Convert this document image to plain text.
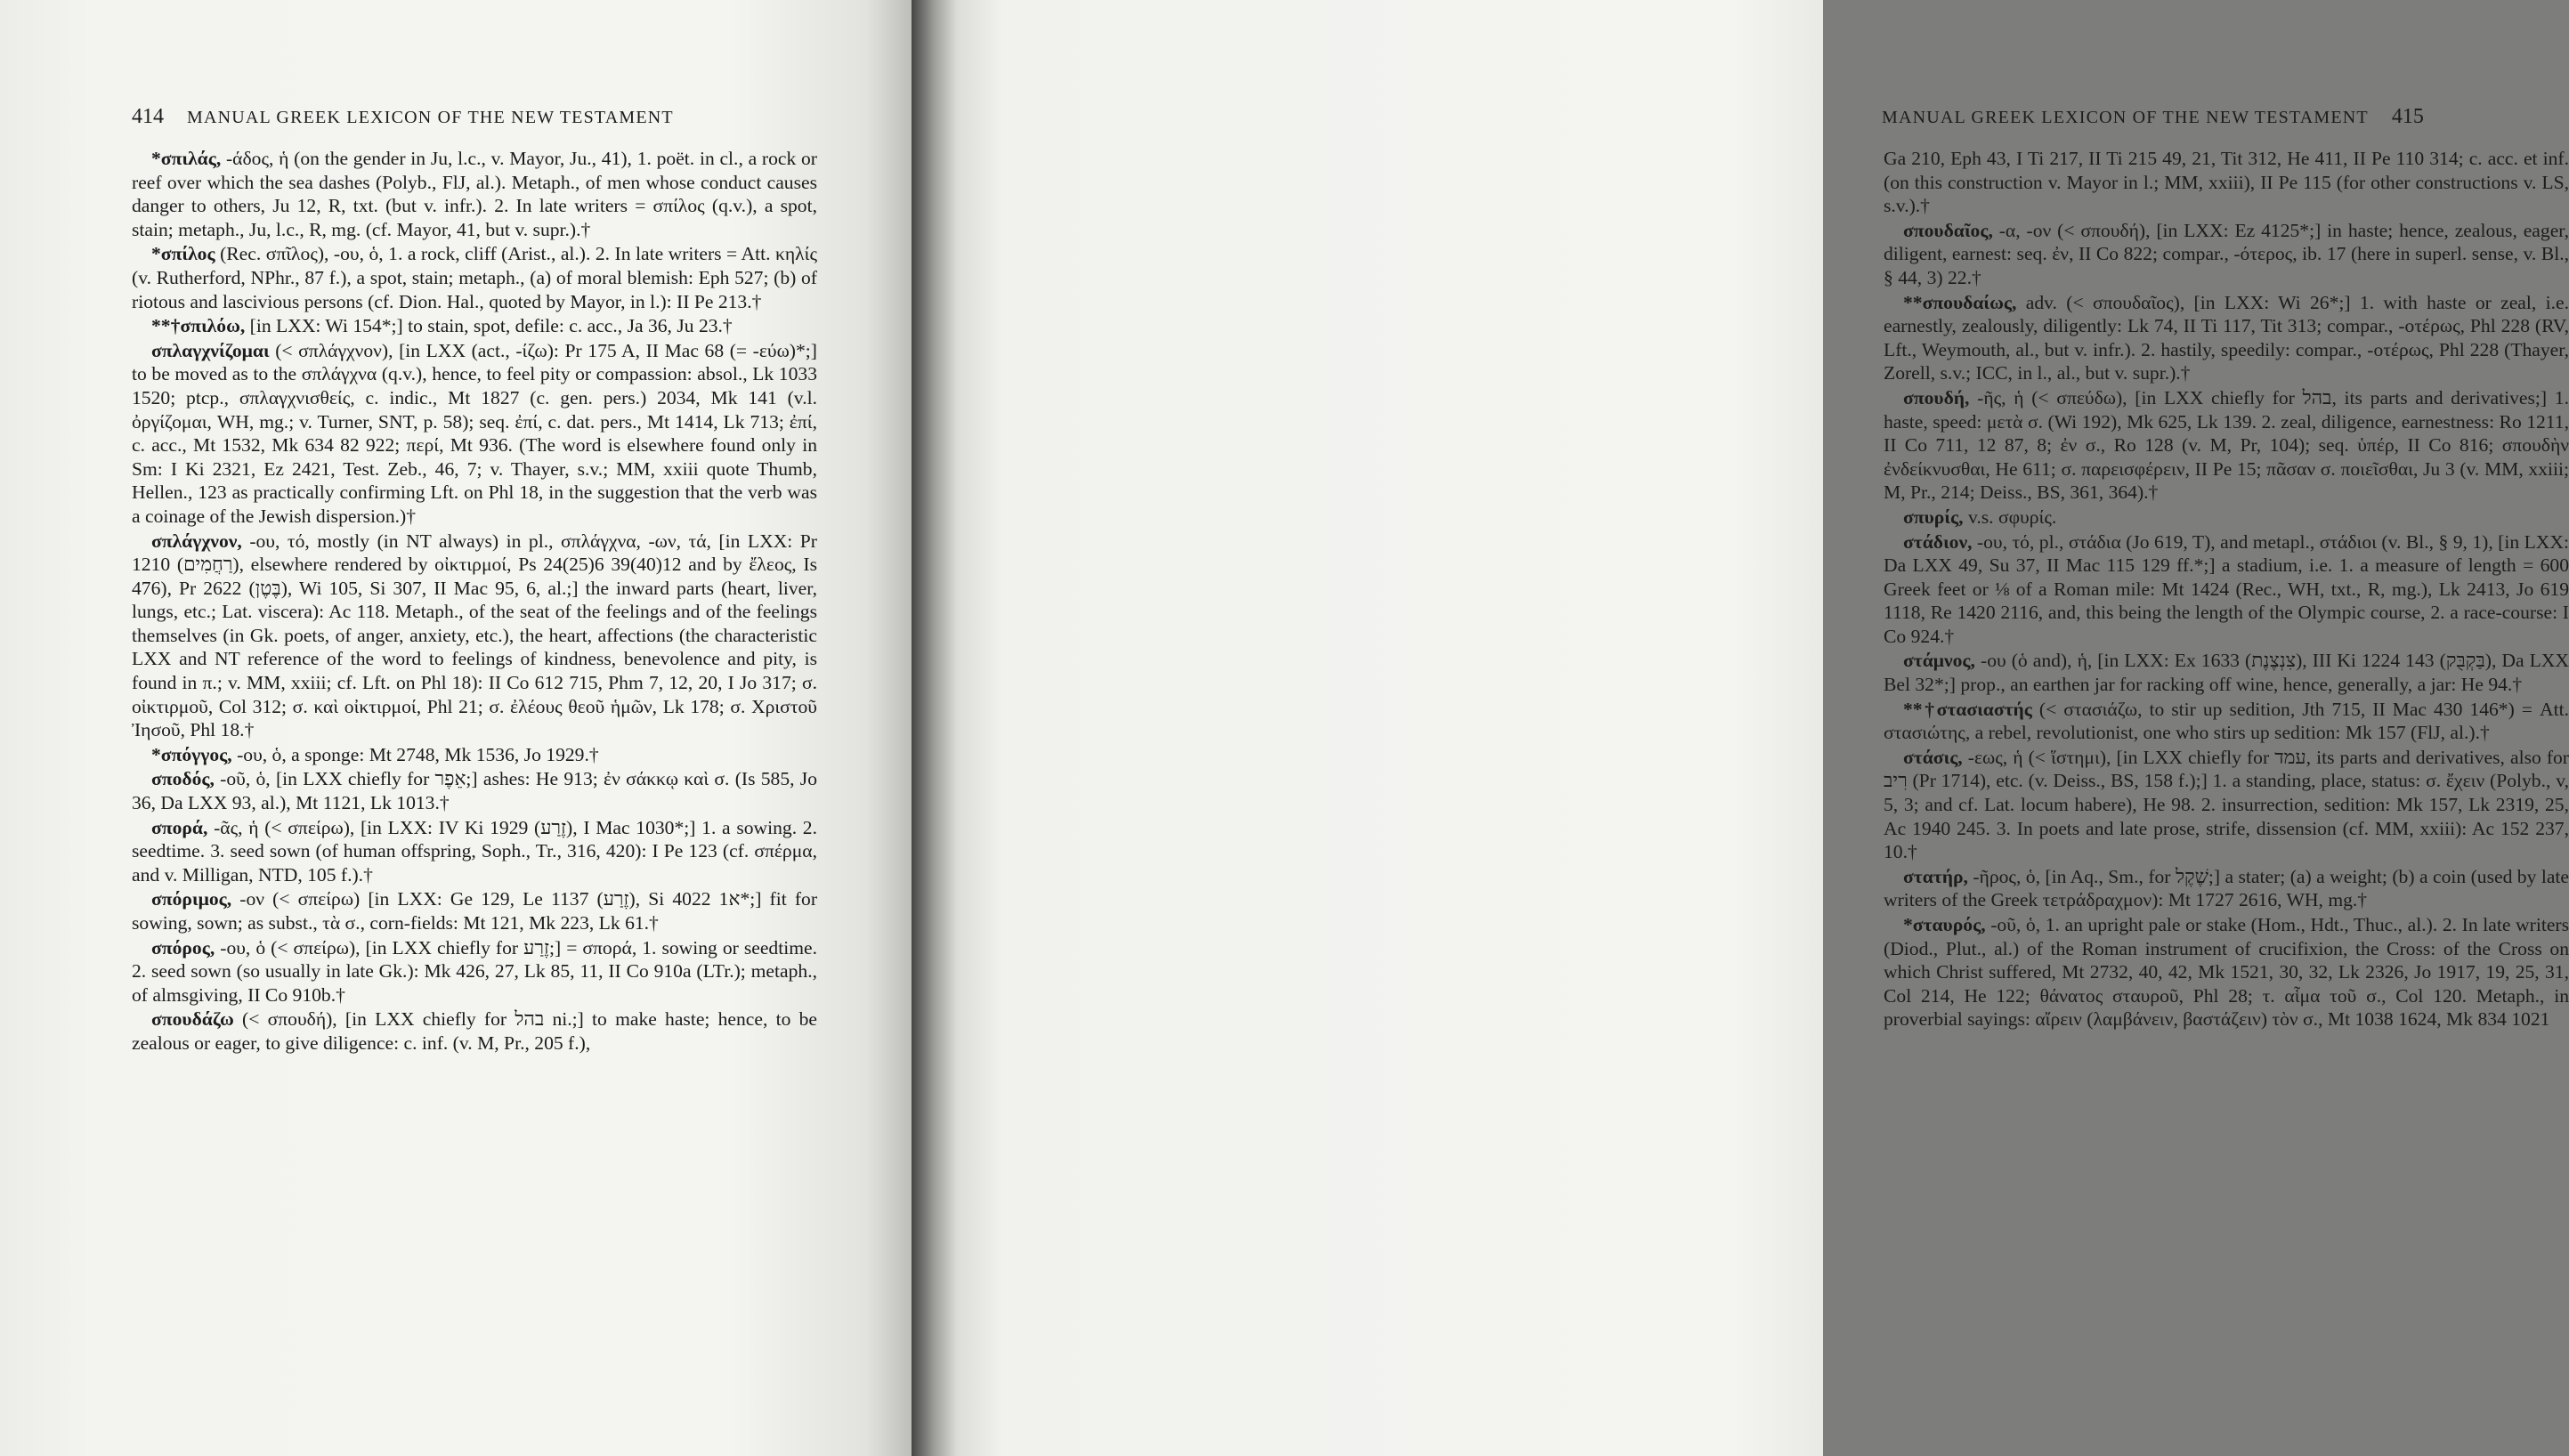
414 MANUAL GREEK LEXICON OF THE NEW TESTAMENT

*σπιλάς, -άδος, ἡ (on the gender in Ju, l.c., v. Mayor, Ju., 41), 1. poët. in cl., a rock or reef over which the sea dashes (Polyb., FlJ, al.). Metaph., of men whose conduct causes danger to others, Ju 12, R, txt. (but v. infr.). 2. In late writers = σπίλος (q.v.), a spot, stain; metaph., Ju, l.c., R, mg. (cf. Mayor, 41, but v. supr.).†

*σπίλος (Rec. σπῖλος), -ου, ὁ, 1. a rock, cliff (Arist., al.). 2. In late writers = Att. κηλίς (v. Rutherford, NPhr., 87 f.), a spot, stain; metaph., (a) of moral blemish: Eph 527; (b) of riotous and lascivious persons (cf. Dion. Hal., quoted by Mayor, in l.): II Pe 213.†

**†σπιλόω, [in LXX: Wi 154*;] to stain, spot, defile: c. acc., Ja 36, Ju 23.†

σπλαγχνίζομαι (< σπλάγχνον), [in LXX (act., -ίζω): Pr 175 A, II Mac 68 (= -εύω)*;] to be moved as to the σπλάγχνα (q.v.), hence, to feel pity or compassion: absol., Lk 1033 1520; ptcp., σπλαγχνισθείς, c. indic., Mt 1827 (c. gen. pers.) 2034, Mk 141 (v.l. ὀργίζομαι, WH, mg.; v. Turner, SNT, p. 58); seq. ἐπί, c. dat. pers., Mt 1414, Lk 713; ἐπί, c. acc., Mt 1532, Mk 634 82 922; περί, Mt 936. (The word is elsewhere found only in Sm: I Ki 2321, Ez 2421, Test. Zeb., 46, 7; v. Thayer, s.v.; MM, xxiii quote Thumb, Hellen., 123 as practically confirming Lft. on Phl 18, in the suggestion that the verb was a coinage of the Jewish dispersion.)†

σπλάγχνον, -ου, τό, mostly (in NT always) in pl., σπλάγχνα, -ων, τά, [in LXX: Pr 1210 (רַחֲמִים), elsewhere rendered by οἰκτιρμοί, Ps 24(25)6 39(40)12 and by ἔλεος, Is 476), Pr 2622 (בֶּטֶן), Wi 105, Si 307, II Mac 95, 6, al.;] the inward parts (heart, liver, lungs, etc.; Lat. viscera): Ac 118. Metaph., of the seat of the feelings and of the feelings themselves (in Gk. poets, of anger, anxiety, etc.), the heart, affections (the characteristic LXX and NT reference of the word to feelings of kindness, benevolence and pity, is found in π.; v. MM, xxiii; cf. Lft. on Phl 18): II Co 612 715, Phm 7, 12, 20, I Jo 317; σ. οἰκτιρμοῦ, Col 312; σ. καὶ οἰκτιρμοί, Phl 21; σ. ἐλέους θεοῦ ἡμῶν, Lk 178; σ. Χριστοῦ Ἰησοῦ, Phl 18.†

*σπόγγος, -ου, ὁ, a sponge: Mt 2748, Mk 1536, Jo 1929.†

σποδός, -οῦ, ὁ, [in LXX chiefly for אֵפֶר;] ashes: He 913; ἐν σάκκῳ καὶ σ. (Is 585, Jo 36, Da LXX 93, al.), Mt 1121, Lk 1013.†

σπορά, -ᾶς, ἡ (< σπείρω), [in LXX: IV Ki 1929 (זֶרַע), I Mac 1030*;] 1. a sowing. 2. seedtime. 3. seed sown (of human offspring, Soph., Tr., 316, 420): I Pe 123 (cf. σπέρμα, and v. Milligan, NTD, 105 f.).†

σπόριμος, -ον (< σπείρω) [in LXX: Ge 129, Le 1137 (זֶרַע), Si 4022 א1*;] fit for sowing, sown; as subst., τὰ σ., corn-fields: Mt 121, Mk 223, Lk 61.†

σπόρος, -ου, ὁ (< σπείρω), [in LXX chiefly for זֶרַע;] = σπορά, 1. sowing or seedtime. 2. seed sown (so usually in late Gk.): Mk 426, 27, Lk 85, 11, II Co 910a (LTr.); metaph., of almsgiving, II Co 910b.†

σπουδάζω (< σπουδή), [in LXX chiefly for בהל ni.;] to make haste; hence, to be zealous or eager, to give diligence: c. inf. (v. M, Pr., 205 f.),

MANUAL GREEK LEXICON OF THE NEW TESTAMENT 415

Ga 210, Eph 43, I Ti 217, II Ti 215 49, 21, Tit 312, He 411, II Pe 110 314; c. acc. et inf. (on this construction v. Mayor in l.; MM, xxiii), II Pe 115 (for other constructions v. LS, s.v.).†

σπουδαῖος, -α, -ον (< σπουδή), [in LXX: Ez 4125*;] in haste; hence, zealous, eager, diligent, earnest: seq. ἐν, II Co 822; compar., -ότερος, ib. 17 (here in superl. sense, v. Bl., § 44, 3) 22.†

**σπουδαίως, adv. (< σπουδαῖος), [in LXX: Wi 26*;] 1. with haste or zeal, i.e. earnestly, zealously, diligently: Lk 74, II Ti 117, Tit 313; compar., -οτέρως, Phl 228 (RV, Lft., Weymouth, al., but v. infr.). 2. hastily, speedily: compar., -οτέρως, Phl 228 (Thayer, Zorell, s.v.; ICC, in l., al., but v. supr.).†

σπουδή, -ῆς, ἡ (< σπεύδω), [in LXX chiefly for בהל, its parts and derivatives;] 1. haste, speed: μετὰ σ. (Wi 192), Mk 625, Lk 139. 2. zeal, diligence, earnestness: Ro 1211, II Co 711, 12 87, 8; ἐν σ., Ro 128 (v. M, Pr, 104); seq. ὑπέρ, II Co 816; σπουδὴν ἐνδείκνυσθαι, He 611; σ. παρεισφέρειν, II Pe 15; πᾶσαν σ. ποιεῖσθαι, Ju 3 (v. MM, xxiii; M, Pr., 214; Deiss., BS, 361, 364).†

σπυρίς, v.s. σφυρίς.

στάδιον, -ου, τό, pl., στάδια (Jo 619, T), and metapl., στάδιοι (v. Bl., § 9, 1), [in LXX: Da LXX 49, Su 37, II Mac 115 129 ff.*;] a stadium, i.e. 1. a measure of length = 600 Greek feet or ⅛ of a Roman mile: Mt 1424 (Rec., WH, txt., R, mg.), Lk 2413, Jo 619 1118, Re 1420 2116, and, this being the length of the Olympic course, 2. a race-course: I Co 924.†

στάμνος, -ου (ὁ and), ἡ, [in LXX: Ex 1633 (צִנְצֶנֶת), III Ki 1224 143 (בַּקְבֻּק), Da LXX Bel 32*;] prop., an earthen jar for racking off wine, hence, generally, a jar: He 94.†

**†στασιαστής (< στασιάζω, to stir up sedition, Jth 715, II Mac 430 146*) = Att. στασιώτης, a rebel, revolutionist, one who stirs up sedition: Mk 157 (FlJ, al.).†

στάσις, -εως, ἡ (< ἵστημι), [in LXX chiefly for עמד, its parts and derivatives, also for רִיב (Pr 1714), etc. (v. Deiss., BS, 158 f.);] 1. a standing, place, status: σ. ἔχειν (Polyb., v, 5, 3; and cf. Lat. locum habere), He 98. 2. insurrection, sedition: Mk 157, Lk 2319, 25, Ac 1940 245. 3. In poets and late prose, strife, dissension (cf. MM, xxiii): Ac 152 237, 10.†

στατήρ, -ῆρος, ὁ, [in Aq., Sm., for שֶׁקֶל;] a stater; (a) a weight; (b) a coin (used by late writers of the Greek τετράδραχμον): Mt 1727 2616, WH, mg.†

*σταυρός, -οῦ, ὁ, 1. an upright pale or stake (Hom., Hdt., Thuc., al.). 2. In late writers (Diod., Plut., al.) of the Roman instrument of crucifixion, the Cross: of the Cross on which Christ suffered, Mt 2732, 40, 42, Mk 1521, 30, 32, Lk 2326, Jo 1917, 19, 25, 31, Col 214, He 122; θάνατος σταυροῦ, Phl 28; τ. αἷμα τοῦ σ., Col 120. Metaph., in proverbial sayings: αἴρειν (λαμβάνειν, βαστάζειν) τὸν σ., Mt 1038 1624, Mk 834 1021
